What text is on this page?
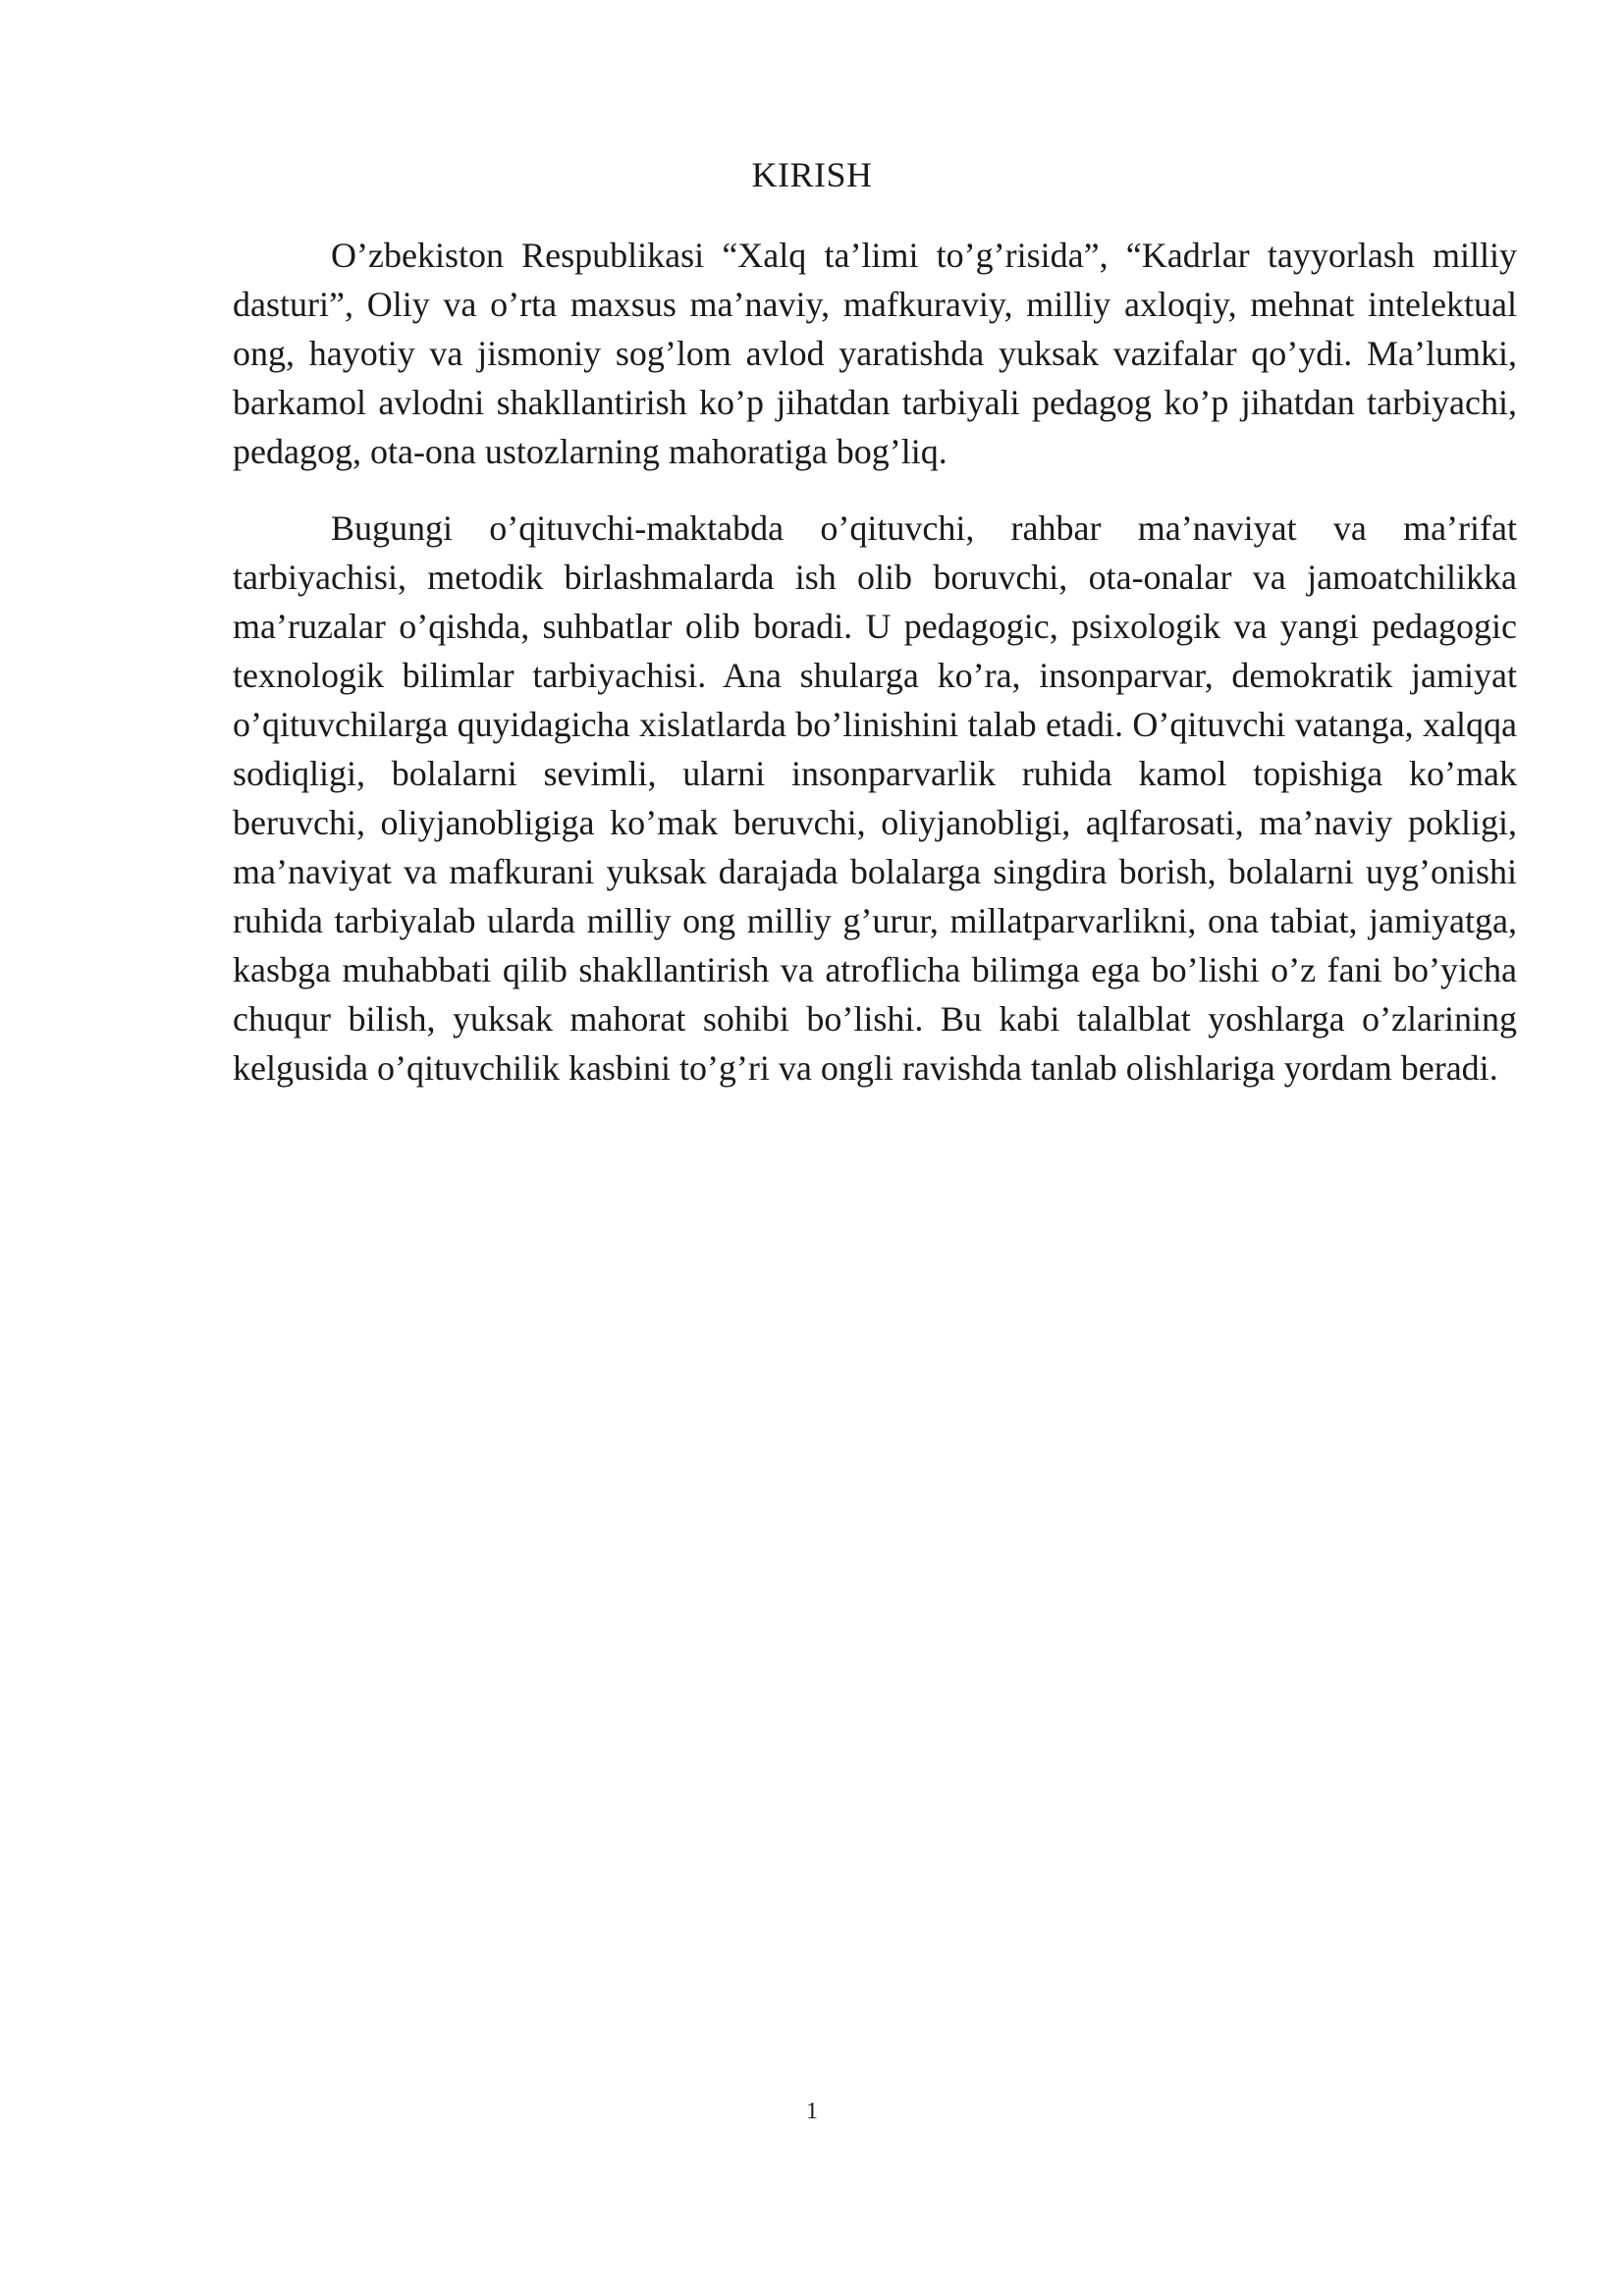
KIRISH

O’zbekiston Respublikasi “Xalq ta’limi to’g’risida”, “Kadrlar tayyorlash milliy dasturi”, Oliy va o’rta maxsus ma’naviy, mafkuraviy, milliy axloqiy, mehnat intelektual ong, hayotiy va jismoniy sog’lom avlod yaratishda yuksak vazifalar qo’ydi. Ma’lumki, barkamol avlodni shakllantirish ko’p jihatdan tarbiyali pedagog ko’p jihatdan tarbiyachi, pedagog, ota-ona ustozlarning mahoratiga bog’liq.

Bugungi o’qituvchi-maktabda o’qituvchi, rahbar ma’naviyat va ma’rifat tarbiyachisi, metodik birlashmalarda ish olib boruvchi, ota-onalar va jamoatchilikka ma’ruzalar o’qishda, suhbatlar olib boradi. U pedagogic, psixologik va yangi pedagogic texnologik bilimlar tarbiyachisi. Ana shularga ko’ra, insonparvar, demokratik jamiyat o’qituvchilarga quyidagicha xislatlarda bo’linishini talab etadi. O’qituvchi vatanga, xalqqa sodiqligi, bolalarni sevimli, ularni insonparvarlik ruhida kamol topishiga ko’mak beruvchi, oliyjanobligiga ko’mak beruvchi, oliyjanobligi, aqlfarosati, ma’naviy pokligi, ma’naviyat va mafkurani yuksak darajada bolalarga singdira borish, bolalarni uyg’onishi ruhida tarbiyalab ularda milliy ong milliy g’urur, millatparvarlikni, ona tabiat, jamiyatga, kasbga muhabbati qilib shakllantirish va atroflicha bilimga ega bo’lishi o’z fani bo’yicha chuqur bilish, yuksak mahorat sohibi bo’lishi. Bu kabi talalblat yoshlarga o’zlarining kelgusida o’qituvchilik kasbini to’g’ri va ongli ravishda tanlab olishlariga yordam beradi.

1
